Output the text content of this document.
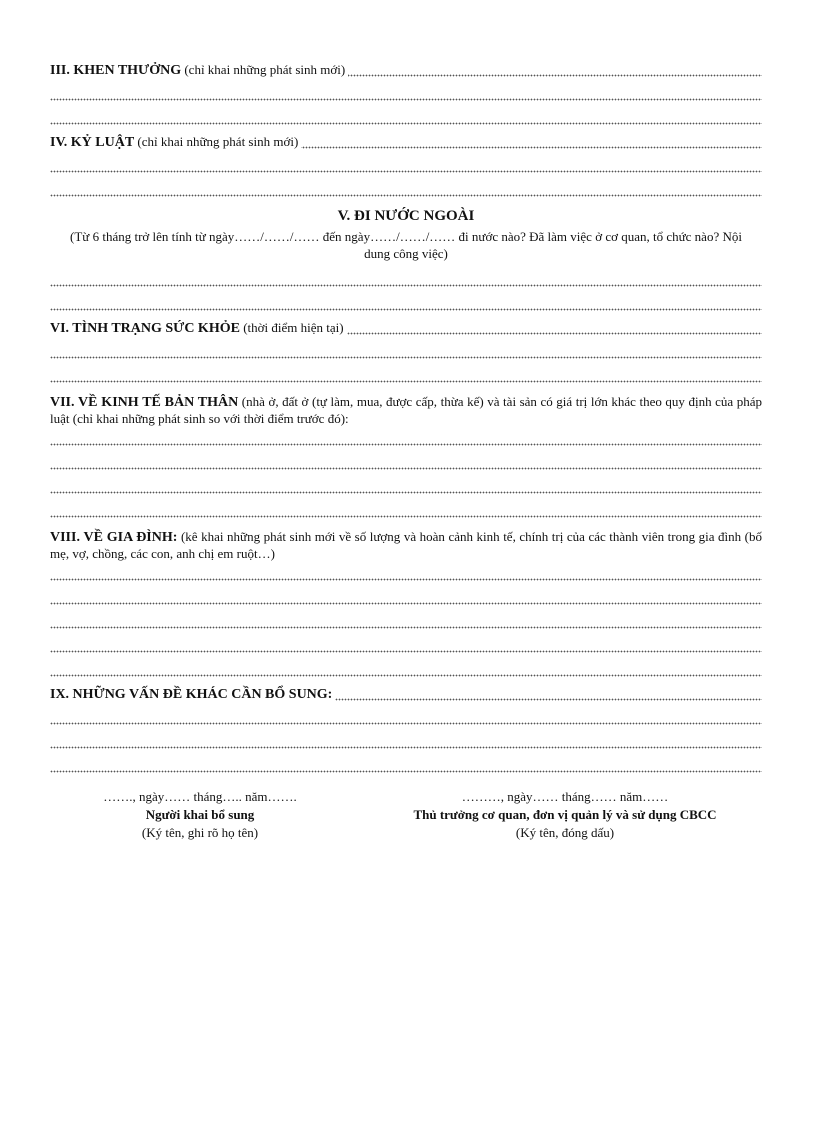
III. KHEN THƯỞNG (chỉ khai những phát sinh mới)
IV. KỶ LUẬT (chỉ khai những phát sinh mới)
V. ĐI NƯỚC NGOÀI
(Từ 6 tháng trở lên tính từ ngày……/……/…… đến ngày……/……/…… đi nước nào? Đã làm việc ở cơ quan, tổ chức nào? Nội dung công việc)
VI. TÌNH TRẠNG SỨC KHỎE (thời điểm hiện tại)
VII. VỀ KINH TẾ BẢN THÂN (nhà ở, đất ở (tự làm, mua, được cấp, thừa kế) và tài sản có giá trị lớn khác theo quy định của pháp luật (chỉ khai những phát sinh so với thời điểm trước đó):
VIII. VỀ GIA ĐÌNH: (kê khai những phát sinh mới về số lượng và hoàn cảnh kinh tế, chính trị của các thành viên trong gia đình (bố mẹ, vợ, chồng, các con, anh chị em ruột…)
IX. NHỮNG VẤN ĐỀ KHÁC CẦN BỔ SUNG:
……., ngày…… tháng….. năm…….
Người khai bổ sung
(Ký tên, ghi rõ họ tên)
………, ngày…… tháng…… năm……
Thủ trưởng cơ quan, đơn vị quản lý và sử dụng CBCC
(Ký tên, đóng dấu)
